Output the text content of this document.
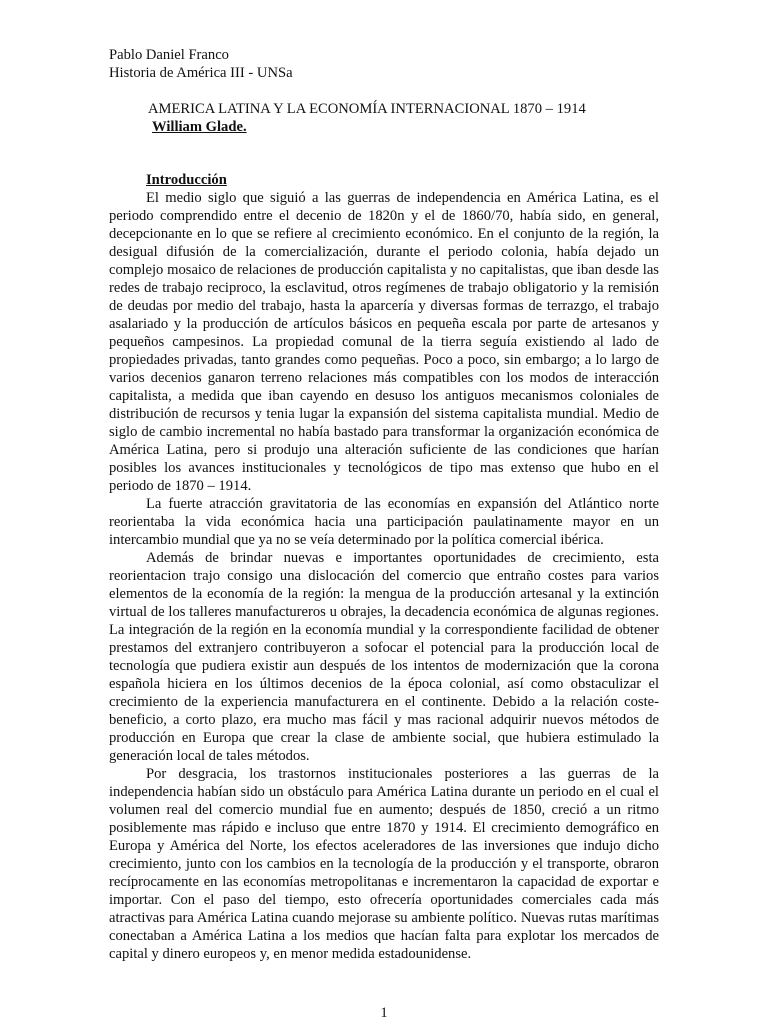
Pablo Daniel Franco
Historia de América III - UNSa
AMERICA LATINA Y LA ECONOMÍA INTERNACIONAL 1870 – 1914
William Glade.
Introducción

El medio siglo que siguió a las guerras de independencia en América Latina, es el periodo comprendido entre el decenio de 1820n y el de 1860/70, había sido, en general, decepcionante en lo que se refiere al crecimiento económico. En el conjunto de la región, la desigual difusión de la comercialización, durante el periodo colonia, había dejado un complejo mosaico de relaciones de producción capitalista y no capitalistas, que iban desde las redes de trabajo reciproco, la esclavitud, otros regímenes de trabajo obligatorio y la remisión de deudas por medio del trabajo, hasta la aparcería y diversas formas de terrazgo, el trabajo asalariado y la producción de artículos básicos en pequeña escala por parte de artesanos y pequeños campesinos. La propiedad comunal de la tierra seguía existiendo al lado de propiedades privadas, tanto grandes como pequeñas. Poco a poco, sin embargo; a lo largo de varios decenios ganaron terreno relaciones más compatibles con los modos de interacción capitalista, a medida que iban cayendo en desuso los antiguos mecanismos coloniales de distribución de recursos y tenia lugar la expansión del sistema capitalista mundial. Medio de siglo de cambio incremental no había bastado para transformar la organización económica de América Latina, pero si produjo una alteración suficiente de las condiciones que harían posibles los avances institucionales y tecnológicos de tipo mas extenso que hubo en el periodo de 1870 – 1914.

La fuerte atracción gravitatoria de las economías en expansión del Atlántico norte reorientaba la vida económica hacia una participación paulatinamente mayor en un intercambio mundial que ya no se veía determinado por la política comercial ibérica.

Además de brindar nuevas e importantes oportunidades de crecimiento, esta reorientacion trajo consigo una dislocación del comercio que entraño costes para varios elementos de la economía de la región: la mengua de la producción artesanal y la extinción virtual de los talleres manufactureros u obrajes, la decadencia económica de algunas regiones. La integración de la región en la economía mundial y la correspondiente facilidad de obtener prestamos del extranjero contribuyeron a sofocar el potencial para la producción local de tecnología que pudiera existir aun después de los intentos de modernización que la corona española hiciera en los últimos decenios de la época colonial, así como obstaculizar el crecimiento de la experiencia manufacturera en el continente. Debido a la relación coste-beneficio, a corto plazo, era mucho mas fácil y mas racional adquirir nuevos métodos de producción en Europa que crear la clase de ambiente social, que hubiera estimulado la generación local de tales métodos.

Por desgracia, los trastornos institucionales posteriores a las guerras de la independencia habían sido un obstáculo para América Latina durante un periodo en el cual el volumen real del comercio mundial fue en aumento; después de 1850, creció a un ritmo posiblemente mas rápido e incluso que entre 1870 y 1914. El crecimiento demográfico en Europa y América del Norte, los efectos aceleradores de las inversiones que indujo dicho crecimiento, junto con los cambios en la tecnología de la producción y el transporte, obraron recíprocamente en las economías metropolitanas e incrementaron la capacidad de exportar e importar. Con el paso del tiempo, esto ofrecería oportunidades comerciales cada más atractivas para América Latina cuando mejorase su ambiente político. Nuevas rutas marítimas conectaban a América Latina a los medios que hacían falta para explotar los mercados de capital y dinero europeos y, en menor medida estadounidense.

1
